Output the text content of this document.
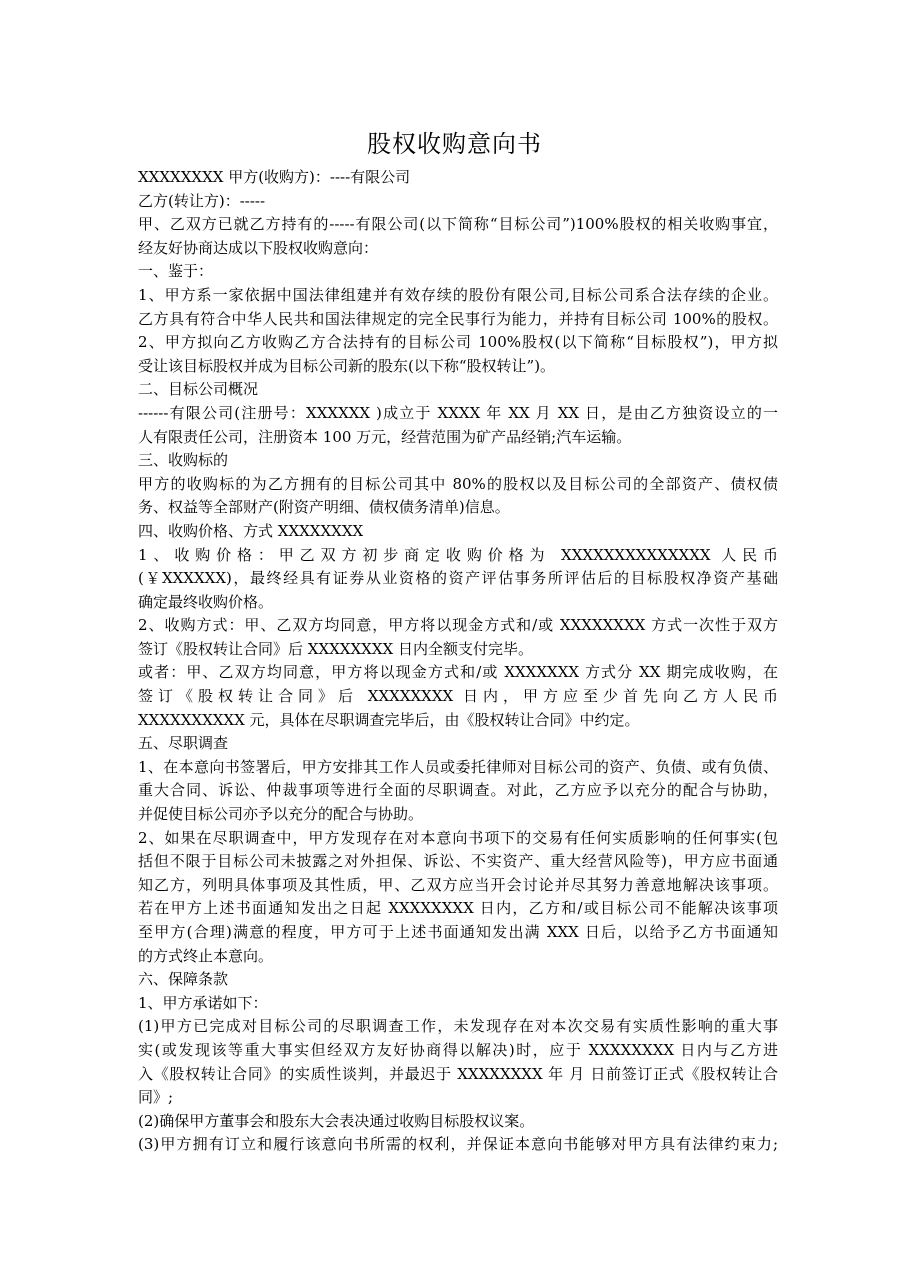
股权收购意向书
XXXXXXXX 甲方(收购方)：----有限公司
乙方(转让方)：-----
甲、乙双方已就乙方持有的-----有限公司(以下简称“目标公司”)100%股权的相关收购事宜，
经友好协商达成以下股权收购意向：
一、鉴于：
1、甲方系一家依据中国法律组建并有效存续的股份有限公司,目标公司系合法存续的企业。
乙方具有符合中华人民共和国法律规定的完全民事行为能力，并持有目标公司 100%的股权。
2、甲方拟向乙方收购乙方合法持有的目标公司 100%股权(以下简称“目标股权”)，甲方拟
受让该目标股权并成为目标公司新的股东(以下称“股权转让”)。
二、目标公司概况
------有限公司(注册号：XXXXXX )成立于 XXXX 年 XX 月 XX 日，是由乙方独资设立的一
人有限责任公司，注册资本 100 万元，经营范围为矿产品经销;汽车运输。
三、收购标的
甲方的收购标的为乙方拥有的目标公司其中 80%的股权以及目标公司的全部资产、债权债
务、权益等全部财产(附资产明细、债权债务清单)信息。
四、收购价格、方式 XXXXXXXX
1、收购价格：甲乙双方初步商定收购价格为 XXXXXXXXXXXXXX 人民币
(￥XXXXXX)，最终经具有证券从业资格的资产评估事务所评估后的目标股权净资产基础
确定最终收购价格。
2、收购方式：甲、乙双方均同意，甲方将以现金方式和/或 XXXXXXXX 方式一次性于双方
签订《股权转让合同》后 XXXXXXXX 日内全额支付完毕。
或者：甲、乙双方均同意，甲方将以现金方式和/或 XXXXXXX 方式分 XX 期完成收购，在
签订《股权转让合同》后 XXXXXXXX 日内，甲方应至少首先向乙方人民币
XXXXXXXXXX 元，具体在尽职调查完毕后，由《股权转让合同》中约定。
五、尽职调查
1、在本意向书签署后，甲方安排其工作人员或委托律师对目标公司的资产、负债、或有负债、
重大合同、诉讼、仲裁事项等进行全面的尽职调查。对此，乙方应予以充分的配合与协助，
并促使目标公司亦予以充分的配合与协助。
2、如果在尽职调查中，甲方发现存在对本意向书项下的交易有任何实质影响的任何事实(包
括但不限于目标公司未披露之对外担保、诉讼、不实资产、重大经营风险等)，甲方应书面通
知乙方，列明具体事项及其性质，甲、乙双方应当开会讨论并尽其努力善意地解决该事项。
若在甲方上述书面通知发出之日起 XXXXXXXX 日内，乙方和/或目标公司不能解决该事项
至甲方(合理)满意的程度，甲方可于上述书面通知发出满 XXX 日后，以给予乙方书面通知
的方式终止本意向。
六、保障条款
1、甲方承诺如下：
(1)甲方已完成对目标公司的尽职调查工作，未发现存在对本次交易有实质性影响的重大事
实(或发现该等重大事实但经双方友好协商得以解决)时，应于 XXXXXXXX 日内与乙方进
入《股权转让合同》的实质性谈判，并最迟于 XXXXXXXX 年 月 日前签订正式《股权转让合
同》;
(2)确保甲方董事会和股东大会表决通过收购目标股权议案。
(3)甲方拥有订立和履行该意向书所需的权利，并保证本意向书能够对甲方具有法律约束力;
